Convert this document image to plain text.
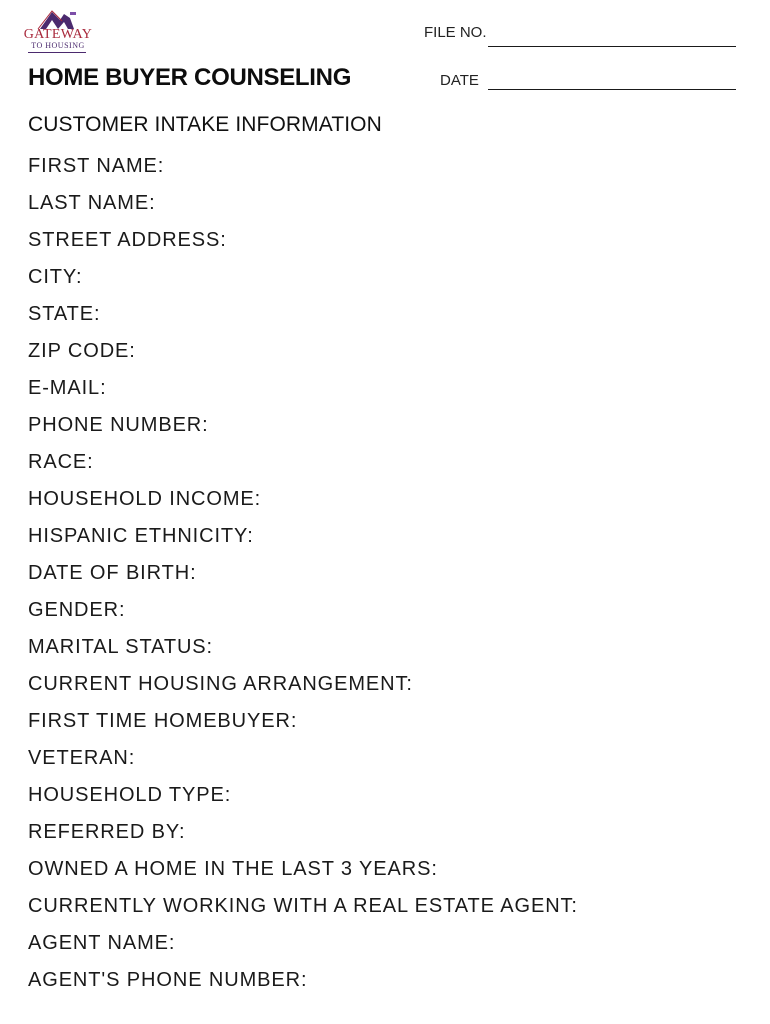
GATEWAY
TO HOUSING
HOME BUYER COUNSELING
FILE NO.
DATE
CUSTOMER INTAKE INFORMATION
FIRST NAME:
LAST NAME:
STREET ADDRESS:
CITY:
STATE:
ZIP CODE:
E-MAIL:
PHONE NUMBER:
RACE:
HOUSEHOLD INCOME:
HISPANIC ETHNICITY:
DATE OF BIRTH:
GENDER:
MARITAL STATUS:
CURRENT HOUSING ARRANGEMENT:
FIRST TIME HOMEBUYER:
VETERAN:
HOUSEHOLD TYPE:
REFERRED BY:
OWNED A HOME IN THE LAST 3 YEARS:
CURRENTLY WORKING WITH A REAL ESTATE AGENT:
AGENT NAME:
AGENT'S PHONE NUMBER:
